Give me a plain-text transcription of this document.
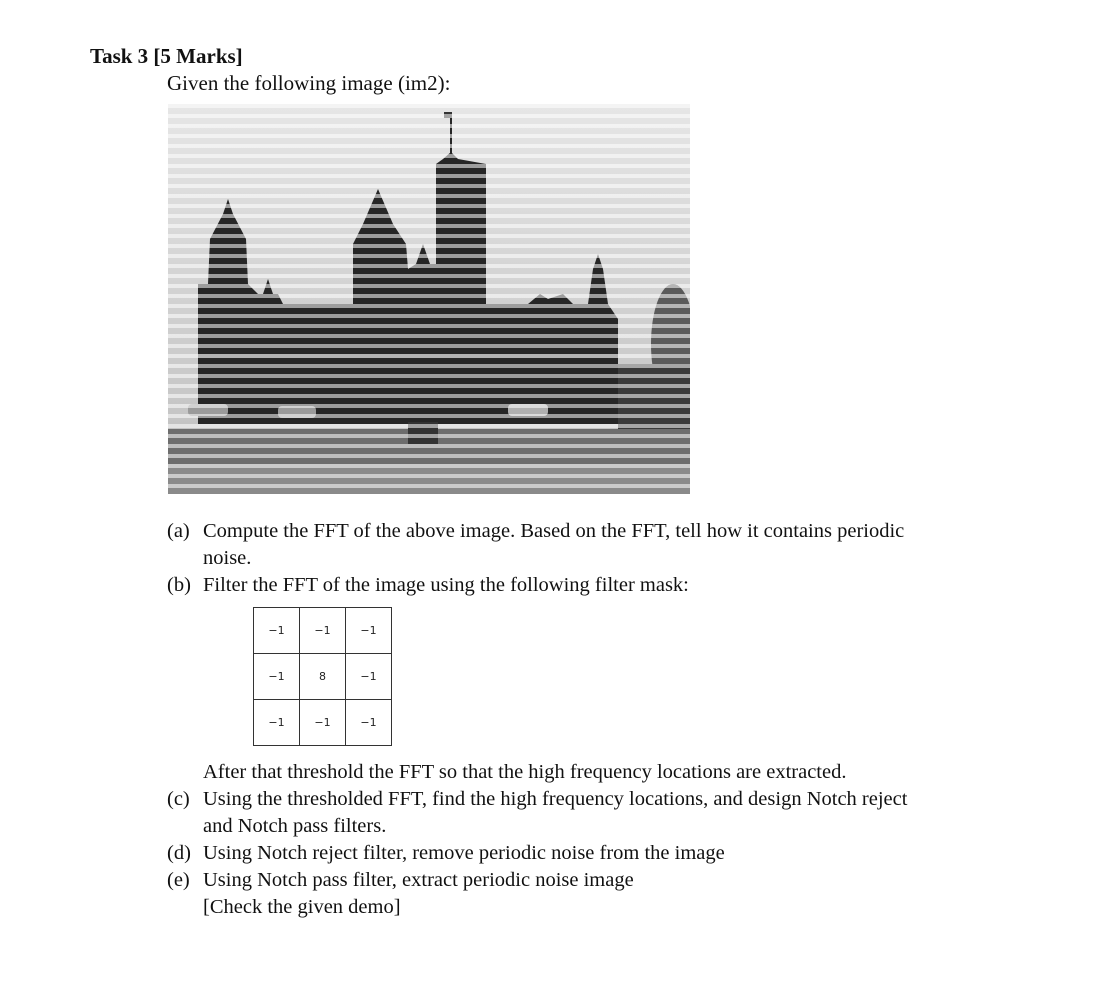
Task 3 [5 Marks]
Given the following image (im2):
(a) Compute the FFT of the above image. Based on the FFT, tell how it contains periodic
noise.
(b) Filter the FFT of the image using the following filter mask:
−1	−1	−1
−1	8	−1
−1	−1	−1
After that threshold the FFT so that the high frequency locations are extracted.
(c) Using the thresholded FFT, find the high frequency locations, and design Notch reject
and Notch pass filters.
(d) Using Notch reject filter, remove periodic noise from the image
(e) Using Notch pass filter, extract periodic noise image
[Check the given demo]
